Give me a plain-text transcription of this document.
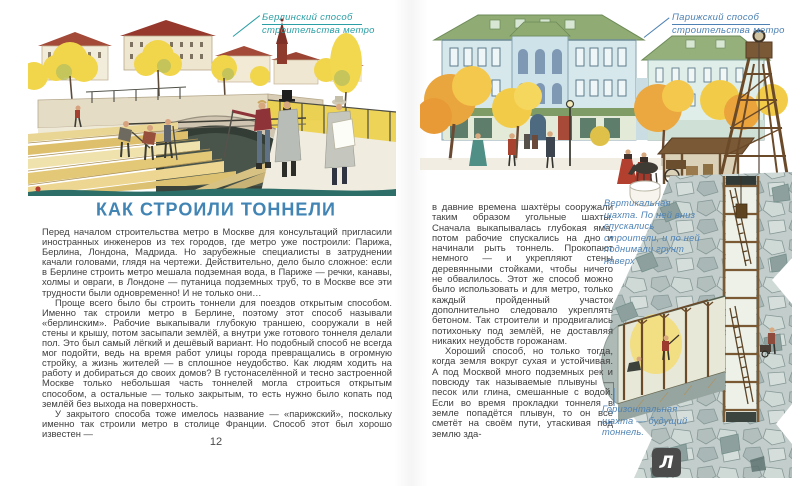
Берлинский способ
строительства метро
КАК СТРОИЛИ ТОННЕЛИ

Перед началом строительства метро в Москве для консультаций пригласили иностранных инженеров из тех городов, где метро уже построили: Парижа, Берлина, Лондона, Мадрида. Но зарубежные специалисты в затруднении качали головами, глядя на чертежи. Действительно, дело было сложное: если в Берлине строить метро мешала подземная вода, в Париже — речки, канавы, холмы и овраги, в Лондоне — путаница подземных труб, то в Москве все эти трудности были одновременно! И не только они…

Проще всего было бы строить тоннели для поездов открытым способом. Именно так строили метро в Берлине, поэтому этот способ называли «берлинским». Рабочие выкапывали глубокую траншею, сооружали в ней стены и крышу, потом засыпали землёй, а внутри уже готового тоннеля делали пол. Это был самый лёгкий и дешёвый вариант. Но подобный способ не всегда мог подойти, ведь на время работ улицы города превращались в огромную стройку, а жизнь жителей — в сплошное неудобство. Как людям ходить на работу и добираться до своих домов? В густонаселённой и тесно застроенной Москве только небольшая часть тоннелей могла строиться открытым способом, а остальные — только закрытым, то есть нужно было копать под землёй без выхода на поверхность.

У закрытого способа тоже имелось название — «парижский», поскольку именно так строили метро в столице Франции. Способ этот был хорошо известен —

12
Парижский способ
строительства метро

в давние времена шахтёры сооружали таким образом угольные шахты. Сначала выкапывалась глубокая яма, потом рабочие спускались на дно и начинали рыть тоннель. Прокопают немного — и укрепляют стены деревянными стойками, чтобы ничего не обвалилось. Этот же способ можно было использовать и для метро, только каждый пройденный участок дополнительно следовало укреплять бетоном. Так строители и продвигались потихоньку под землёй, не доставляя никаких неудобств горожанам.

Хороший способ, но только тогда, когда земля вокруг сухая и устойчивая. А под Москвой много подземных рек и повсюду так называемые плывуны — песок или глина, смешанные с водой. Если во время прокладки тоннеля в земле попадётся плывун, то он всё сметёт на своём пути, утаскивая под землю зда-

Вертикальная шахта. По ней вниз спускались строители, и по ней поднимали грунт наверх
Горизонтальная шахта — будущий тоннель.
Л
